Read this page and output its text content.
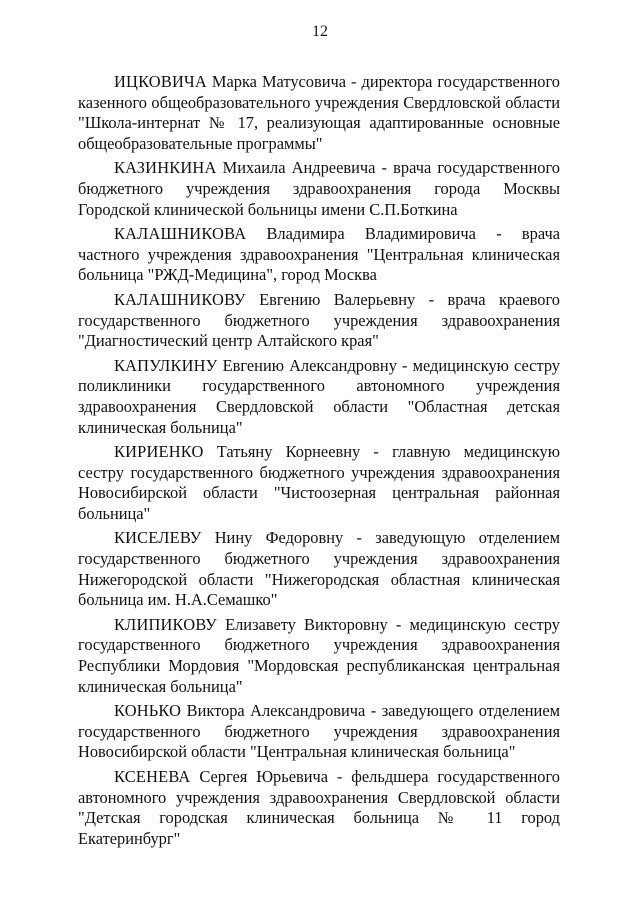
12

ИЦКОВИЧА Марка Матусовича - директора государственного казенного общеобразовательного учреждения Свердловской области "Школа-интернат № 17, реализующая адаптированные основные общеобразовательные программы"

КАЗИНКИНА Михаила Андреевича - врача государственного бюджетного учреждения здравоохранения города Москвы Городской клинической больницы имени С.П.Боткина

КАЛАШНИКОВА Владимира Владимировича - врача частного учреждения здравоохранения "Центральная клиническая больница "РЖД-Медицина", город Москва

КАЛАШНИКОВУ Евгению Валерьевну - врача краевого государственного бюджетного учреждения здравоохранения "Диагностический центр Алтайского края"

КАПУЛКИНУ Евгению Александровну - медицинскую сестру поликлиники государственного автономного учреждения здравоохранения Свердловской области "Областная детская клиническая больница"

КИРИЕНКО Татьяну Корнеевну - главную медицинскую сестру государственного бюджетного учреждения здравоохранения Новосибирской области "Чистоозерная центральная районная больница"

КИСЕЛЕВУ Нину Федоровну - заведующую отделением государственного бюджетного учреждения здравоохранения Нижегородской области "Нижегородская областная клиническая больница им. Н.А.Семашко"

КЛИПИКОВУ Елизавету Викторовну - медицинскую сестру государственного бюджетного учреждения здравоохранения Республики Мордовия "Мордовская республиканская центральная клиническая больница"

КОНЬКО Виктора Александровича - заведующего отделением государственного бюджетного учреждения здравоохранения Новосибирской области "Центральная клиническая больница"

КСЕНЕВА Сергея Юрьевича - фельдшера государственного автономного учреждения здравоохранения Свердловской области "Детская городская клиническая больница № 11 город Екатеринбург"
